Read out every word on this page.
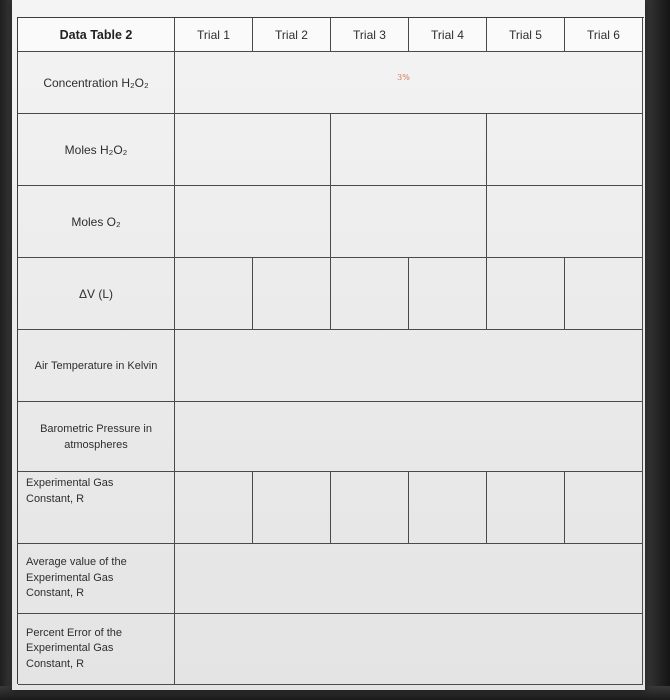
Data Table 2	Trial 1	Trial 2	Trial 3	Trial 4	Trial 5	Trial 6
Concentration H₂O₂	3%
Moles H₂O₂
Moles O₂
ΔV (L)
Air Temperature in Kelvin
Barometric Pressure in atmospheres
Experimental Gas Constant, R
Average value of the Experimental Gas Constant, R
Percent Error of the Experimental Gas Constant, R
